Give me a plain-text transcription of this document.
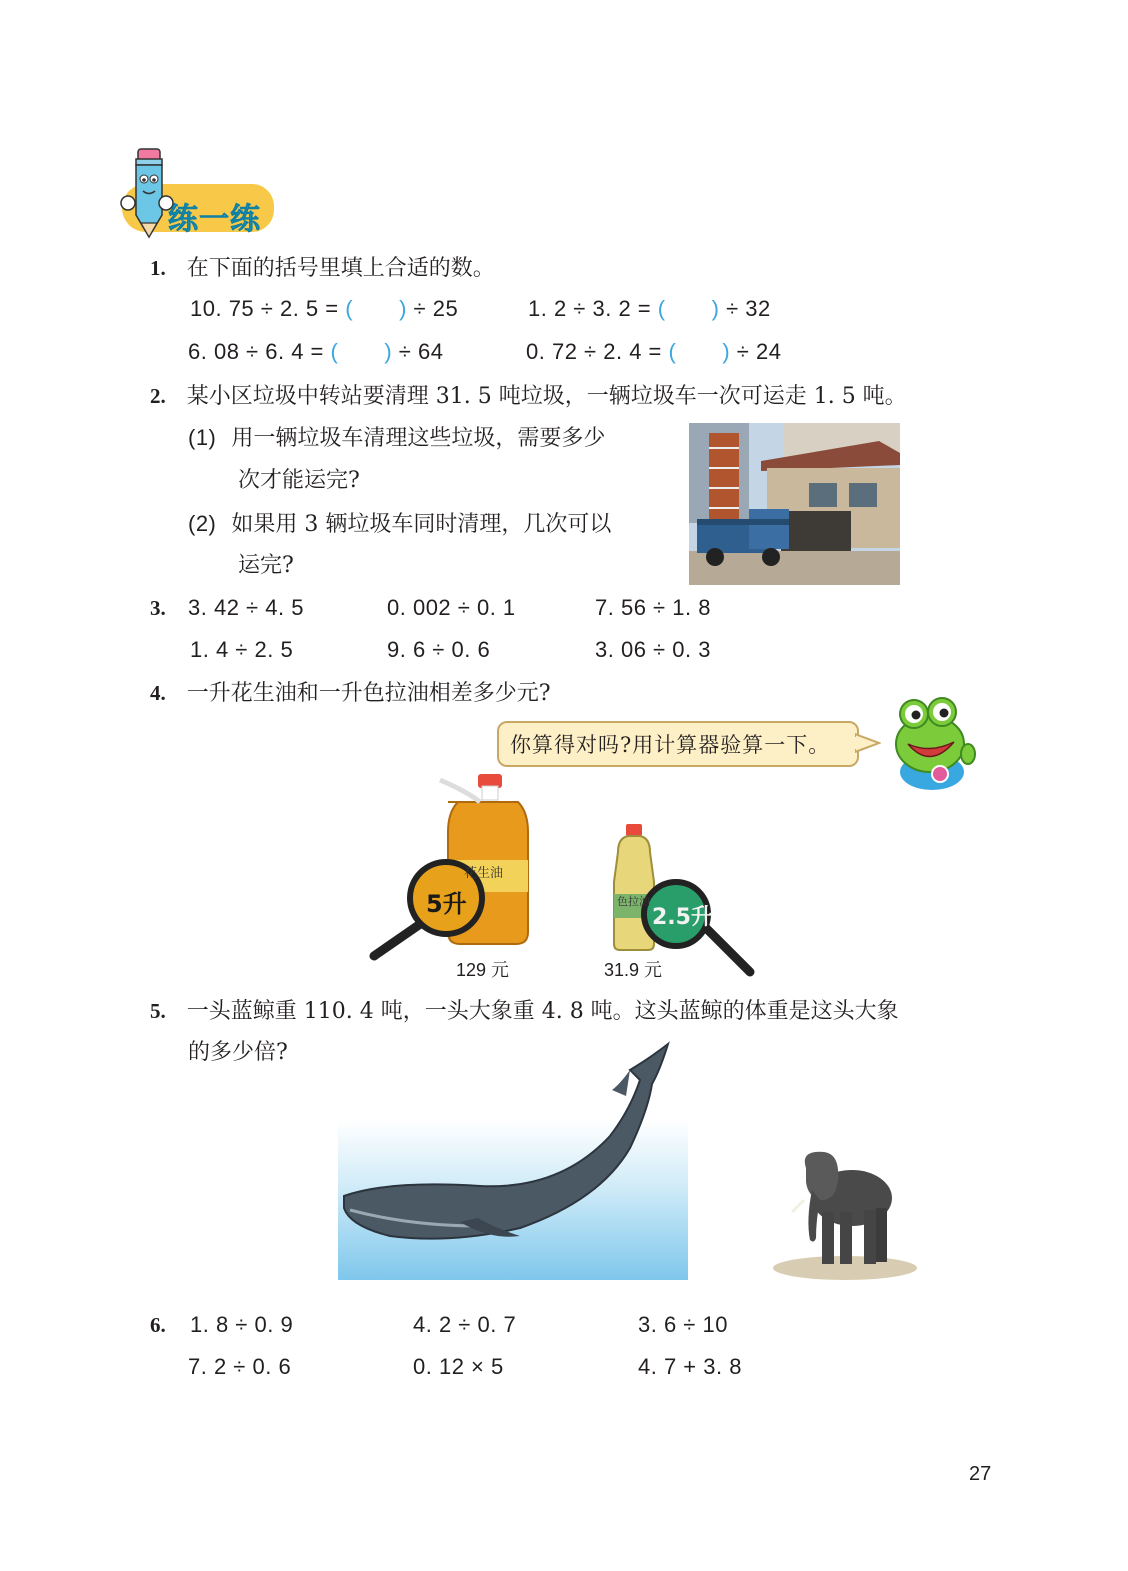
练一练
1. 在下面的括号里填上合适的数。
10. 75 ÷ 2. 5 = ( ) ÷ 25	1. 2 ÷ 3. 2 = ( ) ÷ 32
6. 08 ÷ 6. 4 = ( ) ÷ 64	0. 72 ÷ 2. 4 = ( ) ÷ 24
2. 某小区垃圾中转站要清理 31. 5 吨垃圾，一辆垃圾车一次可运走 1. 5 吨。
(1) 用一辆垃圾车清理这些垃圾，需要多少
次才能运完?
(2) 如果用 3 辆垃圾车同时清理，几次可以
运完?
3. 3. 42 ÷ 4. 5	0. 002 ÷ 0. 1	7. 56 ÷ 1. 8
1. 4 ÷ 2. 5	9. 6 ÷ 0. 6	3. 06 ÷ 0. 3
4. 一升花生油和一升色拉油相差多少元?
你算得对吗?用计算器验算一下。
5升
花生油
129 元
2.5升
色拉油
31.9 元
5. 一头蓝鲸重 110. 4 吨，一头大象重 4. 8 吨。这头蓝鲸的体重是这头大象
的多少倍?
6. 1. 8 ÷ 0. 9	4. 2 ÷ 0. 7	3. 6 ÷ 10
7. 2 ÷ 0. 6	0. 12 × 5	4. 7 + 3. 8
27
